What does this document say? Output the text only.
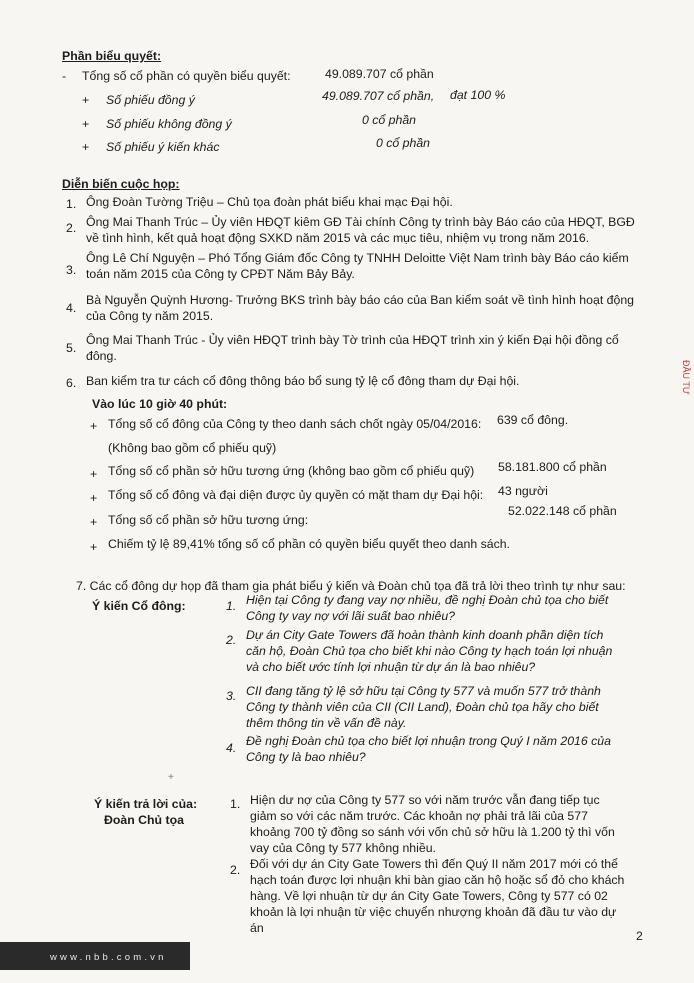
Phần biểu quyết:
- Tổng số cổ phần có quyền biểu quyết:	49.089.707 cổ phần
+ Số phiếu đồng ý	49.089.707 cổ phần, đạt 100 %
+ Số phiếu không đồng ý	0 cổ phần
+ Số phiếu ý kiến khác	0 cổ phần
Diễn biến cuộc họp:
1. Ông Đoàn Tường Triệu – Chủ tọa đoàn phát biểu khai mạc Đại hội.
2. Ông Mai Thanh Trúc – Ủy viên HĐQT kiêm GĐ Tài chính Công ty trình bày Báo cáo của HĐQT, BGĐ về tình hình, kết quả hoạt động SXKD năm 2015 và các mục tiêu, nhiệm vụ trong năm 2016.
3.
Ông Lê Chí Nguyện – Phó Tổng Giám đốc Công ty TNHH Deloitte Việt Nam trình bày Báo cáo kiểm toán năm 2015 của Công ty CPĐT Năm Bảy Bảy.
4.
Bà Nguyễn Quỳnh Hương- Trưởng BKS trình bày báo cáo của Ban kiểm soát về tình hình hoạt động của Công ty năm 2015.
5.
Ông Mai Thanh Trúc - Ủy viên HĐQT trình bày Tờ trình của HĐQT trình xin ý kiến Đại hội đồng cổ đông.
6. Ban kiểm tra tư cách cổ đông thông báo bổ sung tỷ lệ cổ đông tham dự Đại hội.
Vào lúc 10 giờ 40 phút:
+ Tổng số cổ đông của Công ty theo danh sách chốt ngày 05/04/2016: 639 cổ đông.
(Không bao gồm cổ phiếu quỹ)
+ Tổng số cổ phần sở hữu tương ứng (không bao gồm cổ phiếu quỹ) 58.181.800 cổ phần
+ Tổng số cổ đông và đại diện được ủy quyền có mặt tham dự Đại hội: 43 người
+ Tổng số cổ phần sở hữu tương ứng:
52.022.148 cổ phần
+ Chiếm tỷ lệ 89,41% tổng số cổ phần có quyền biểu quyết theo danh sách.
7. Các cổ đông dự họp đã tham gia phát biểu ý kiến và Đoàn chủ tọa đã trả lời theo trình tự như sau:
Ý kiến Cổ đông:	1. Hiện tại Công ty đang vay nợ nhiều, đề nghị Đoàn chủ tọa cho biết Công ty vay nợ với lãi suất bao nhiêu?
2. Dự án City Gate Towers đã hoàn thành kinh doanh phần diện tích căn hộ, Đoàn Chủ tọa cho biết khi nào Công ty hạch toán lợi nhuận và cho biết ước tính lợi nhuận từ dự án là bao nhiêu?
3. CII đang tăng tỷ lệ sở hữu tại Công ty 577 và muốn 577 trở thành Công ty thành viên của CII (CII Land), Đoàn chủ tọa hãy cho biết thêm thông tin về vấn đề này.
4. Đề nghị Đoàn chủ tọa cho biết lợi nhuận trong Quý I năm 2016 của Công ty là bao nhiêu?
+
Ý kiến trả lời của:
Đoàn Chủ tọa
1. Hiện dư nợ của Công ty 577 so với năm trước vẫn đang tiếp tục giảm so với các năm trước. Các khoản nợ phải trả lãi của 577 khoảng 700 tỷ đồng so sánh với vốn chủ sở hữu là 1.200 tỷ thì vốn vay của Công ty 577 không nhiều.
2. Đối với dự án City Gate Towers thì đến Quý II năm 2017 mới có thể hạch toán được lợi nhuận khi bàn giao căn hộ hoặc sổ đỏ cho khách hàng. Về lợi nhuận từ dự án City Gate Towers, Công ty 577 có 02 khoản là lợi nhuận từ việc chuyển nhượng khoản đã đầu tư vào dự án
www.nbb.com.vn
2
ĐẦU TƯ
